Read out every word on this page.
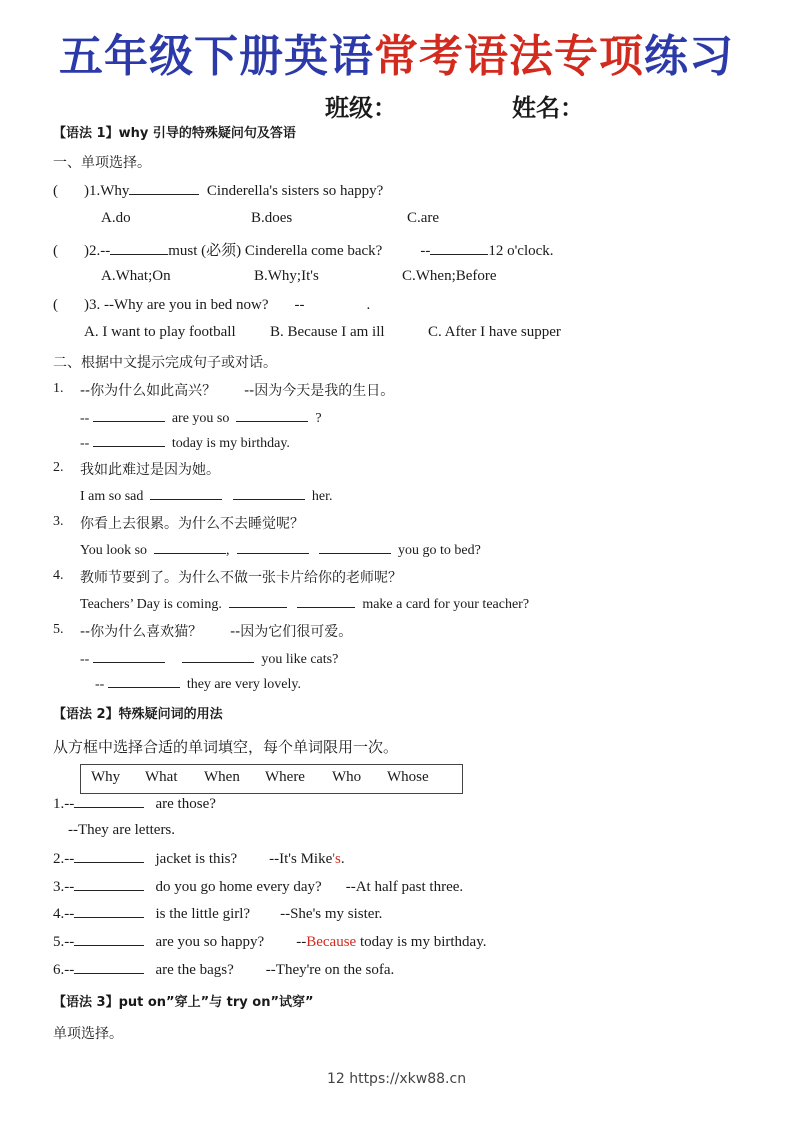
五年级下册英语常考语法专项练习
班级：	姓名：
【语法 1】why 引导的特殊疑问句及答语
一、单项选择。
( )1.Why	Cinderella's sisters so happy?
A.do	B.does	C.are
( )2.--	must (必须) Cinderella come back?	--	12 o'clock.
A.What;On	B.Why;It's	C.When;Before
( )3. --Why are you in bed now? --	.
A. I want to play football B. Because I am ill	C. After I have supper
二、根据中文提示完成句子或对话。
1. --你为什么如此高兴？　　--因为今天是我的生日。
--	are you so	?
--	today is my birthday.
2. 我如此难过是因为她。
I am so sad	her.
3. 你看上去很累。为什么不去睡觉呢？
You look so	,	you go to bed?
4. 教师节要到了。为什么不做一张卡片给你的老师呢？
Teachers’ Day is coming.	make a card for your teacher?
5. --你为什么喜欢猫？　　--因为它们很可爱。
--	you like cats?
--	they are very lovely.
【语法 2】特殊疑问词的用法
从方框中选择合适的单词填空，每个单词限用一次。
Why What When Where Who Whose
1.--	are those?
--They are letters.
2.--	jacket is this? --It's Mike's.
3.--	do you go home every day? --At half past three.
4.--	is the little girl? --She's my sister.
5.--	are you so happy? --Because today is my birthday.
6.--	are the bags? --They're on the sofa.
【语法 3】put on”穿上”与 try on”试穿”
单项选择。
12 https://xkw88.cn
